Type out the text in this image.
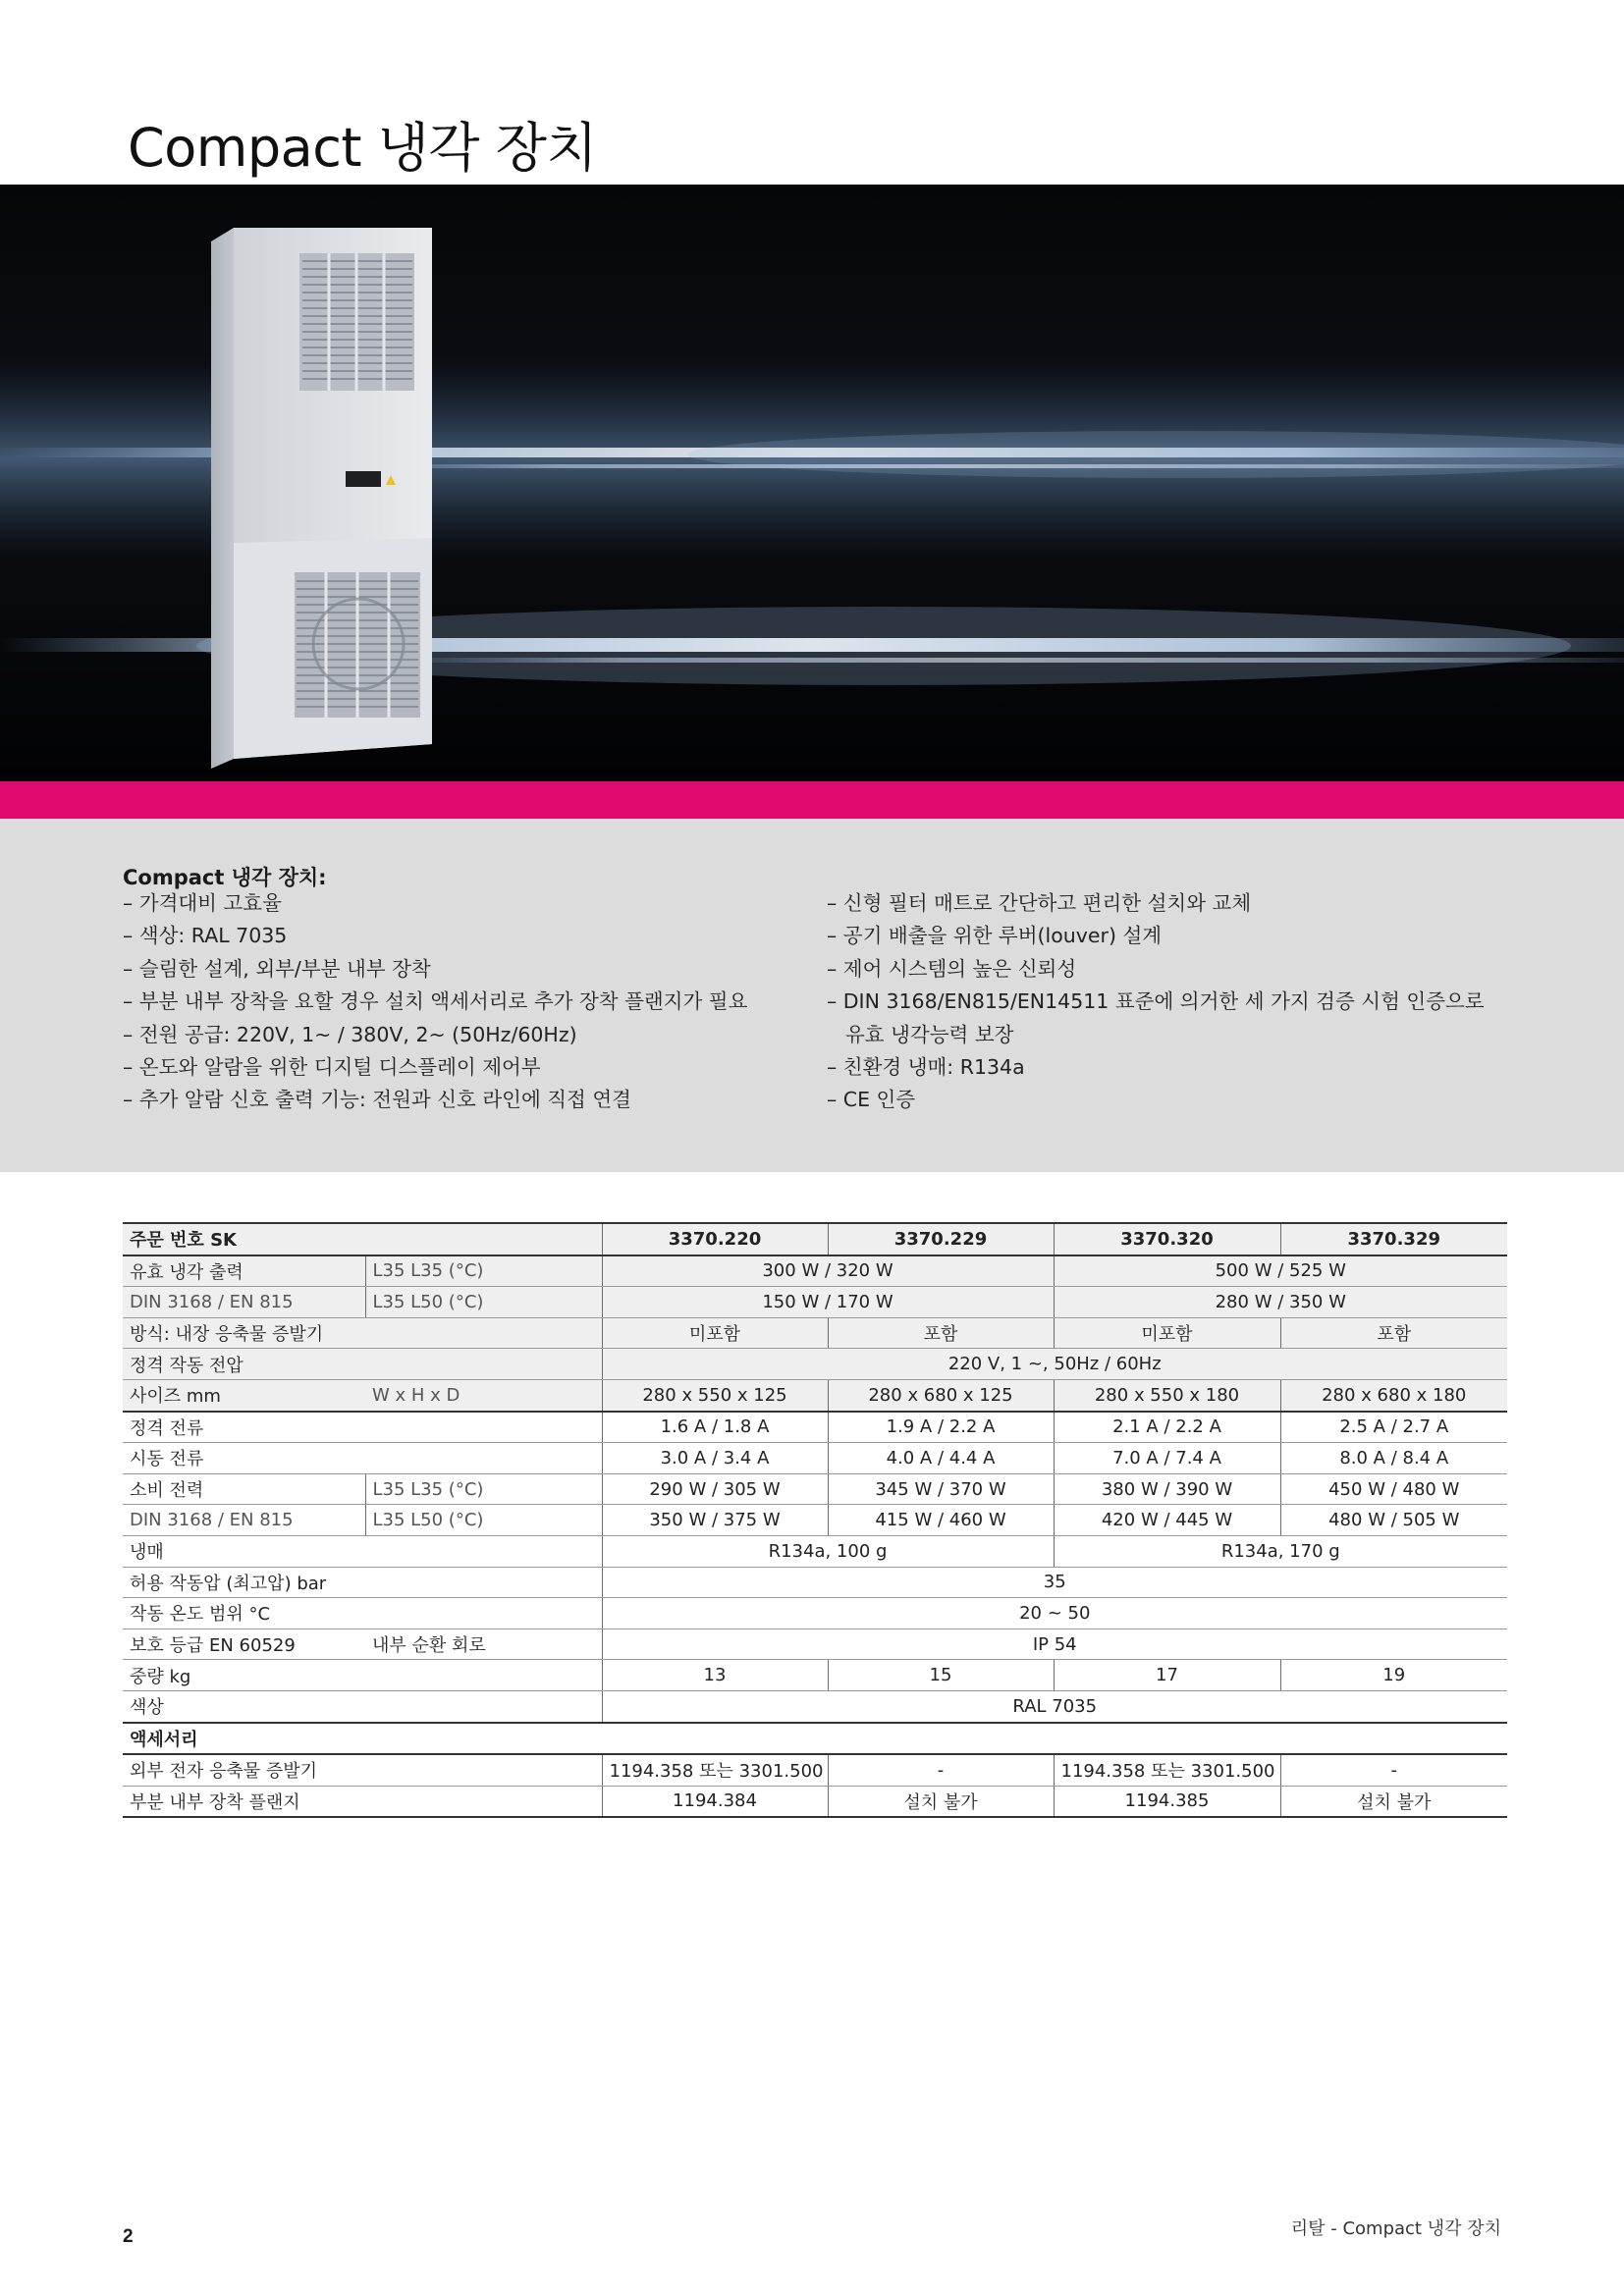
Compact 냉각 장치
Compact 냉각 장치:
– 가격대비 고효율
– 색상: RAL 7035
– 슬림한 설계, 외부/부분 내부 장착
– 부분 내부 장착을 요할 경우 설치 액세서리로 추가 장착 플랜지가 필요
– 전원 공급: 220V, 1~ / 380V, 2~ (50Hz/60Hz)
– 온도와 알람을 위한 디지털 디스플레이 제어부
– 추가 알람 신호 출력 기능: 전원과 신호 라인에 직접 연결
– 신형 필터 매트로 간단하고 편리한 설치와 교체
– 공기 배출을 위한 루버(louver) 설계
– 제어 시스템의 높은 신뢰성
– DIN 3168/EN815/EN14511 표준에 의거한 세 가지 검증 시험 인증으로
유효 냉각능력 보장
– 친환경 냉매: R134a
– CE 인증
주문 번호 SK		3370.220	3370.229	3370.320	3370.329
유효 냉각 출력	L35 L35 (°C)	300 W / 320 W		500 W / 525 W	
DIN 3168 / EN 815	L35 L50 (°C)	150 W / 170 W		280 W / 350 W	
방식: 내장 응축물 증발기		미포함	포함	미포함	포함
정격 작동 전압		220 V, 1 ~, 50Hz / 60Hz			
사이즈 mm	W x H x D	280 x 550 x 125	280 x 680 x 125	280 x 550 x 180	280 x 680 x 180
정격 전류		1.6 A / 1.8 A	1.9 A / 2.2 A	2.1 A / 2.2 A	2.5 A / 2.7 A
시동 전류		3.0 A / 3.4 A	4.0 A / 4.4 A	7.0 A / 7.4 A	8.0 A / 8.4 A
소비 전력	L35 L35 (°C)	290 W / 305 W	345 W / 370 W	380 W / 390 W	450 W / 480 W
DIN 3168 / EN 815	L35 L50 (°C)	350 W / 375 W	415 W / 460 W	420 W / 445 W	480 W / 505 W
냉매		R134a, 100 g		R134a, 170 g	
허용 작동압 (최고압) bar		35			
작동 온도 범위 °C		20 ~ 50			
보호 등급 EN 60529	내부 순환 회로	IP 54			
중량 kg		13	15	17	19
색상		RAL 7035			
액세서리					
외부 전자 응축물 증발기		1194.358 또는 3301.500	-	1194.358 또는 3301.500	-
부분 내부 장착 플랜지		1194.384	설치 불가	1194.385	설치 불가
2	리탈 - Compact 냉각 장치
